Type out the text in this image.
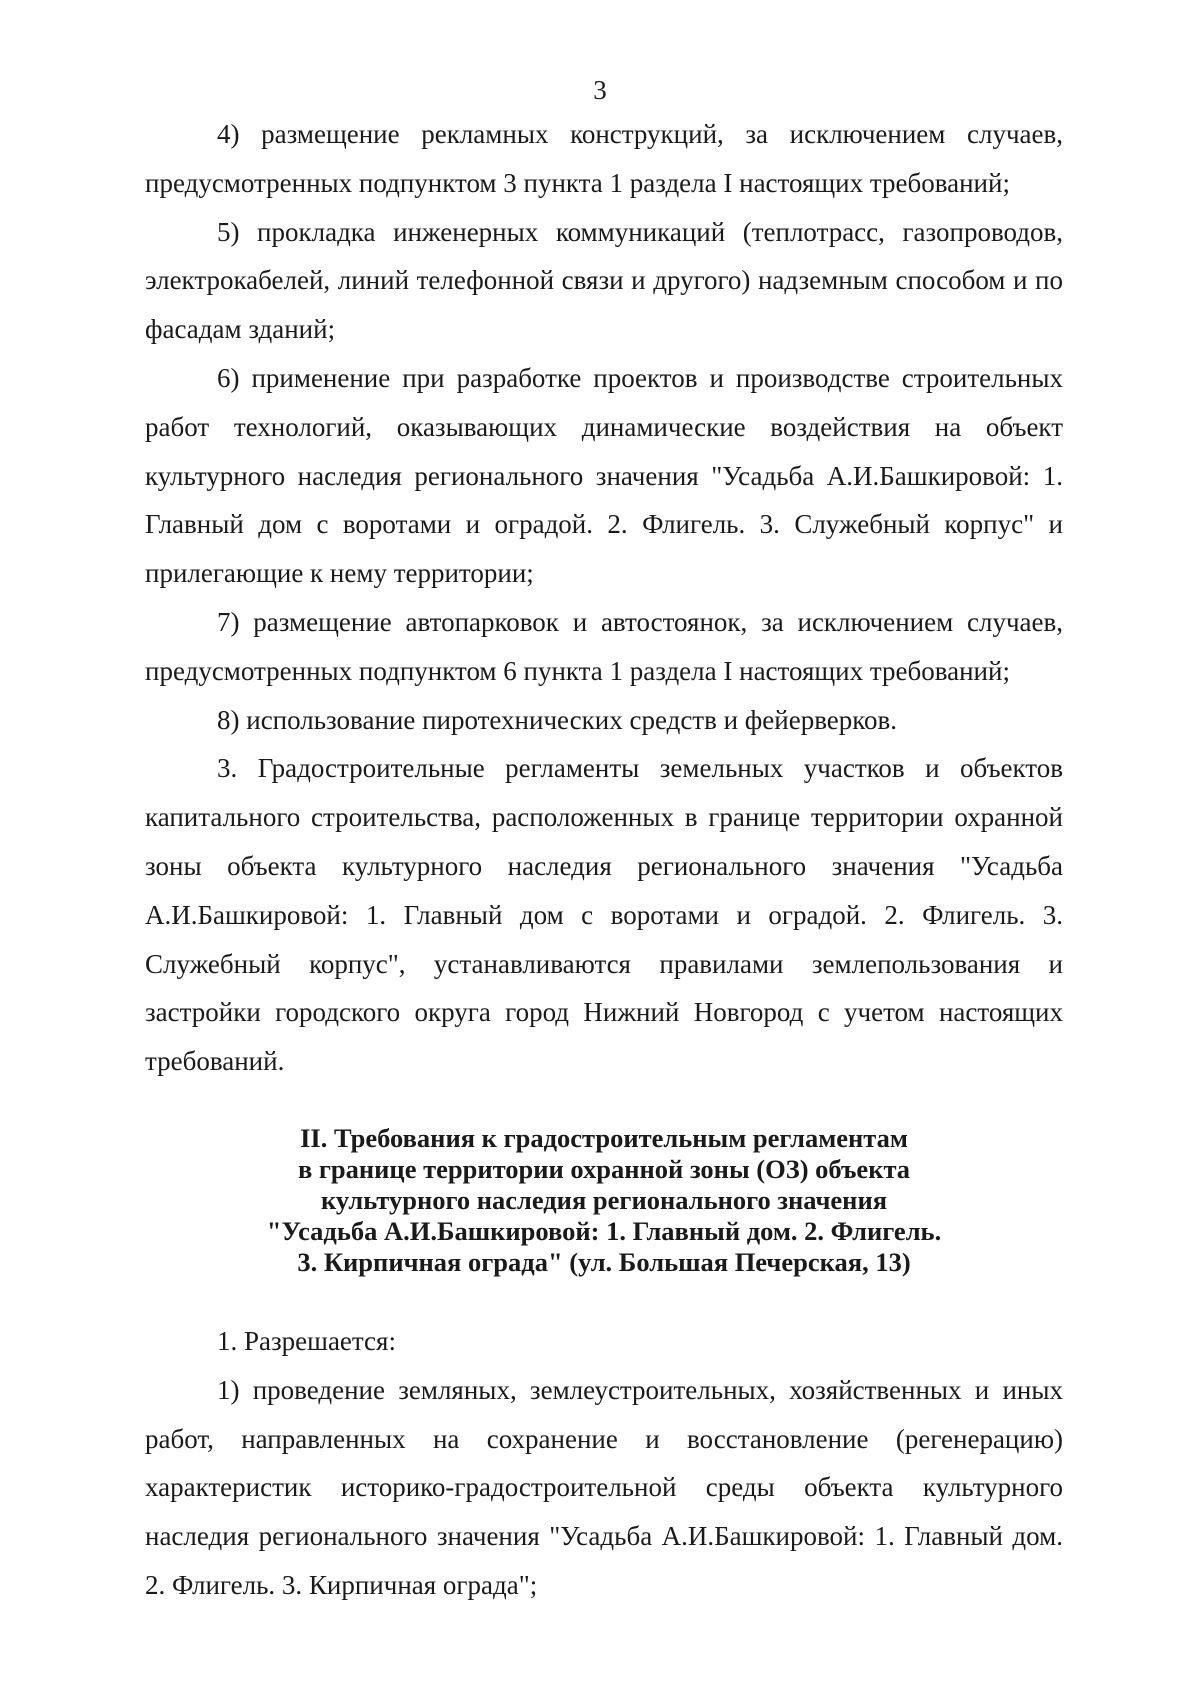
3

4) размещение рекламных конструкций, за исключением случаев, предусмотренных подпунктом 3 пункта 1 раздела I настоящих требований;

5) прокладка инженерных коммуникаций (теплотрасс, газопроводов, электрокабелей, линий телефонной связи и другого) надземным способом и по фасадам зданий;

6) применение при разработке проектов и производстве строительных работ технологий, оказывающих динамические воздействия на объект культурного наследия регионального значения "Усадьба А.И.Башкировой: 1. Главный дом с воротами и оградой. 2. Флигель. 3. Служебный корпус" и прилегающие к нему территории;

7) размещение автопарковок и автостоянок, за исключением случаев, предусмотренных подпунктом 6 пункта 1 раздела I настоящих требований;

8) использование пиротехнических средств и фейерверков.

3. Градостроительные регламенты земельных участков и объектов капитального строительства, расположенных в границе территории охранной зоны объекта культурного наследия регионального значения "Усадьба А.И.Башкировой: 1. Главный дом с воротами и оградой. 2. Флигель. 3. Служебный корпус", устанавливаются правилами землепользования и застройки городского округа город Нижний Новгород с учетом настоящих требований.

II. Требования к градостроительным регламентам
в границе территории охранной зоны (ОЗ) объекта
культурного наследия регионального значения
"Усадьба А.И.Башкировой: 1. Главный дом. 2. Флигель.
3. Кирпичная ограда" (ул. Большая Печерская, 13)

1. Разрешается:

1) проведение земляных, землеустроительных, хозяйственных и иных работ, направленных на сохранение и восстановление (регенерацию) характеристик историко-градостроительной среды объекта культурного наследия регионального значения "Усадьба А.И.Башкировой: 1. Главный дом. 2. Флигель. 3. Кирпичная ограда";
